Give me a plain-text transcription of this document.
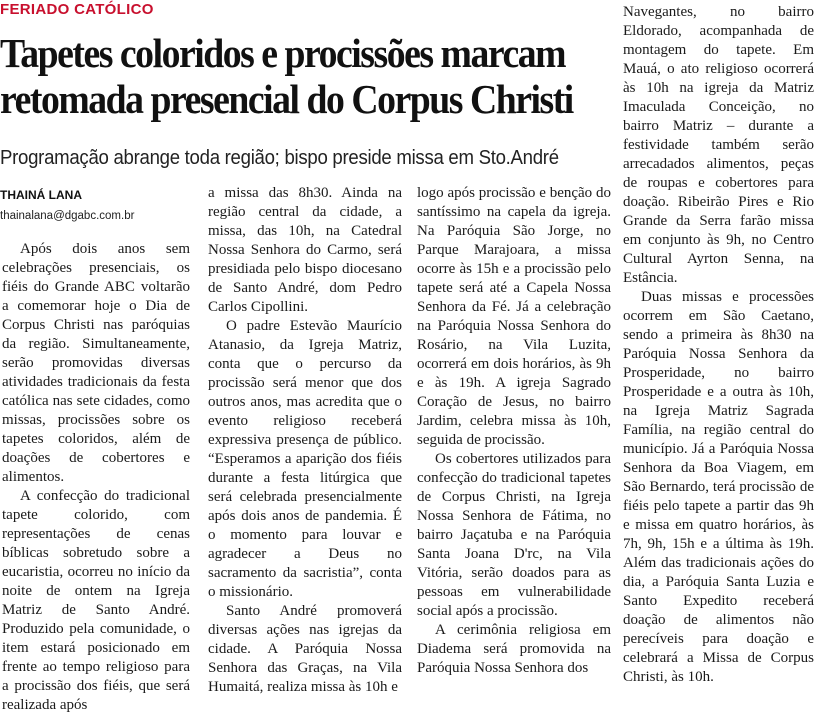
FERIADO CATÓLICO
Tapetes coloridos e procissões marcam retomada presencial do Corpus Christi
Programação abrange toda região; bispo preside missa em Sto.André
THAINÁ LANA
thainalana@dgabc.com.br

Após dois anos sem celebrações presenciais, os fiéis do Grande ABC voltarão a comemorar hoje o Dia de Corpus Christi nas paróquias da região. Simultaneamente, serão promovidas diversas atividades tradicionais da festa católica nas sete cidades, como missas, procissões sobre os tapetes coloridos, além de doações de cobertores e alimentos.

A confecção do tradicional tapete colorido, com representações de cenas bíblicas sobretudo sobre a eucaristia, ocorreu no início da noite de ontem na Igreja Matriz de Santo André. Produzido pela comunidade, o item estará posicionado em frente ao tempo religioso para a procissão dos fiéis, que será realizada após

a missa das 8h30. Ainda na região central da cidade, a missa, das 10h, na Catedral Nossa Senhora do Carmo, será presidiada pelo bispo diocesano de Santo André, dom Pedro Carlos Cipollini.

O padre Estevão Maurício Atanasio, da Igreja Matriz, conta que o percurso da procissão será menor que dos outros anos, mas acredita que o evento religioso receberá expressiva presença de público. “Esperamos a aparição dos fiéis durante a festa litúrgica que será celebrada presencialmente após dois anos de pandemia. É o momento para louvar e agradecer a Deus no sacramento da sacristia”, conta o missionário.

Santo André promoverá diversas ações nas igrejas da cidade. A Paróquia Nossa Senhora das Graças, na Vila Humaitá, realiza missa às 10h e

logo após procissão e benção do santíssimo na capela da igreja. Na Paróquia São Jorge, no Parque Marajoara, a missa ocorre às 15h e a procissão pelo tapete será até a Capela Nossa Senhora da Fé. Já a celebração na Paróquia Nossa Senhora do Rosário, na Vila Luzita, ocorrerá em dois horários, às 9h e às 19h. A igreja Sagrado Coração de Jesus, no bairro Jardim, celebra missa às 10h, seguida de procissão.

Os cobertores utilizados para confecção do tradicional tapetes de Corpus Christi, na Igreja Nossa Senhora de Fátima, no bairro Jaçatuba e na Paróquia Santa Joana D'rc, na Vila Vitória, serão doados para as pessoas em vulnerabilidade social após a procissão.

A cerimônia religiosa em Diadema será promovida na Paróquia Nossa Senhora dos

Navegantes, no bairro Eldorado, acompanhada de montagem do tapete. Em Mauá, o ato religioso ocorrerá às 10h na igreja da Matriz Imaculada Conceição, no bairro Matriz – durante a festividade também serão arrecadados alimentos, peças de roupas e cobertores para doação. Ribeirão Pires e Rio Grande da Serra farão missa em conjunto às 9h, no Centro Cultural Ayrton Senna, na Estância.

Duas missas e processões ocorrem em São Caetano, sendo a primeira às 8h30 na Paróquia Nossa Senhora da Prosperidade, no bairro Prosperidade e a outra às 10h, na Igreja Matriz Sagrada Família, na região central do município. Já a Paróquia Nossa Senhora da Boa Viagem, em São Bernardo, terá procissão de fiéis pelo tapete a partir das 9h e missa em quatro horários, às 7h, 9h, 15h e a última às 19h. Além das tradicionais ações do dia, a Paróquia Santa Luzia e Santo Expedito receberá doação de alimentos não perecíveis para doação e celebrará a Missa de Corpus Christi, às 10h.
